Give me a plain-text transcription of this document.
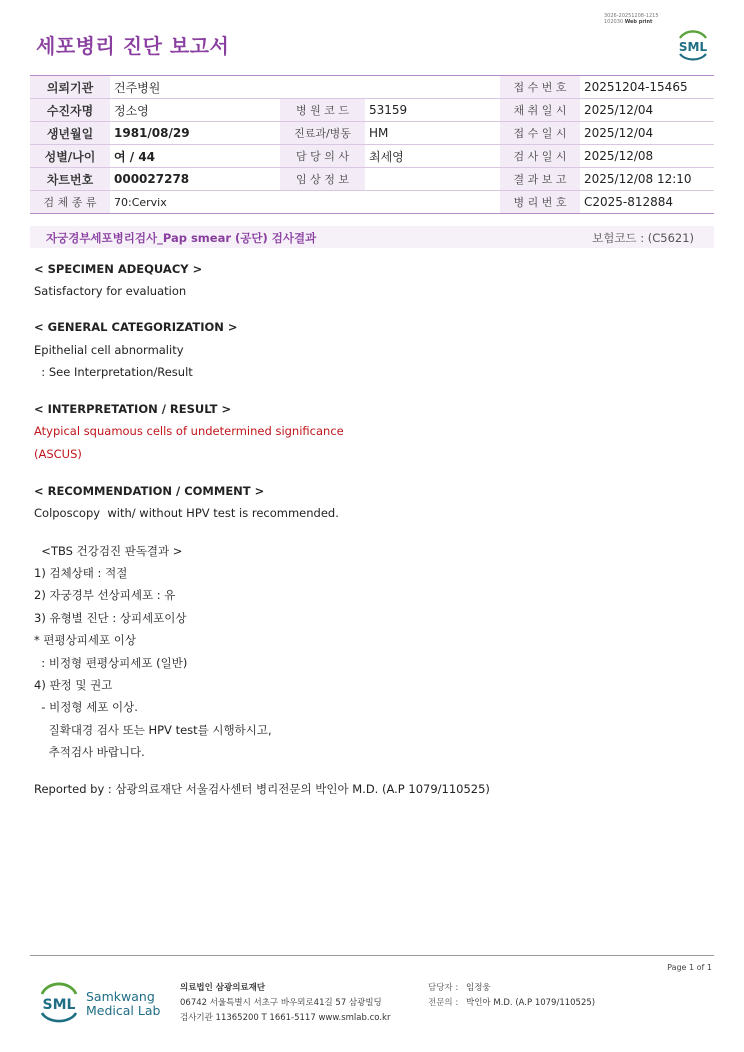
3026-20251208-1215
102030 Web print
세포병리 진단 보고서	SML
의뢰기관	건주병원			접 수 번 호	20251204-15465
수진자명	정소영	병 원 코 드	53159	채 취 일 시	2025/12/04
생년월일	1981/08/29	진료과/병동	HM	접 수 일 시	2025/12/04
성별/나이	여 / 44	담 당 의 사	최세영	검 사 일 시	2025/12/08
차트번호	000027278	임 상 정 보		결 과 보 고	2025/12/08 12:10
검 체 종 류	70:Cervix			병 리 번 호	C2025-812884
자궁경부세포병리검사_Pap smear (공단) 검사결과	보험코드 : (C5621)
< SPECIMEN ADEQUACY >
Satisfactory for evaluation
< GENERAL CATEGORIZATION >
Epithelial cell abnormality
: See Interpretation/Result
< INTERPRETATION / RESULT >
Atypical squamous cells of undetermined significance
(ASCUS)
< RECOMMENDATION / COMMENT >
Colposcopy  with/ without HPV test is recommended.
<TBS 건강검진 판독결과 >
1) 검체상태 : 적절
2) 자궁경부 선상피세포 : 유
3) 유형별 진단 : 상피세포이상
* 편평상피세포 이상
: 비정형 편평상피세포 (일반)
4) 판정 및 권고
- 비정형 세포 이상.
질확대경 검사 또는 HPV test를 시행하시고,
추적검사 바랍니다.
Reported by : 삼광의료재단 서울검사센터 병리전문의 박인아 M.D. (A.P 1079/110525)
Page 1 of 1
SML
Samkwang
Medical Lab
의료법인 삼광의료재단
06742 서울특별시 서초구 바우뫼로41길 57 삼광빌딩
검사기관 11365200 T 1661-5117 www.smlab.co.kr
담당자 : 임정웅
전문의 : 박인아 M.D. (A.P 1079/110525)
